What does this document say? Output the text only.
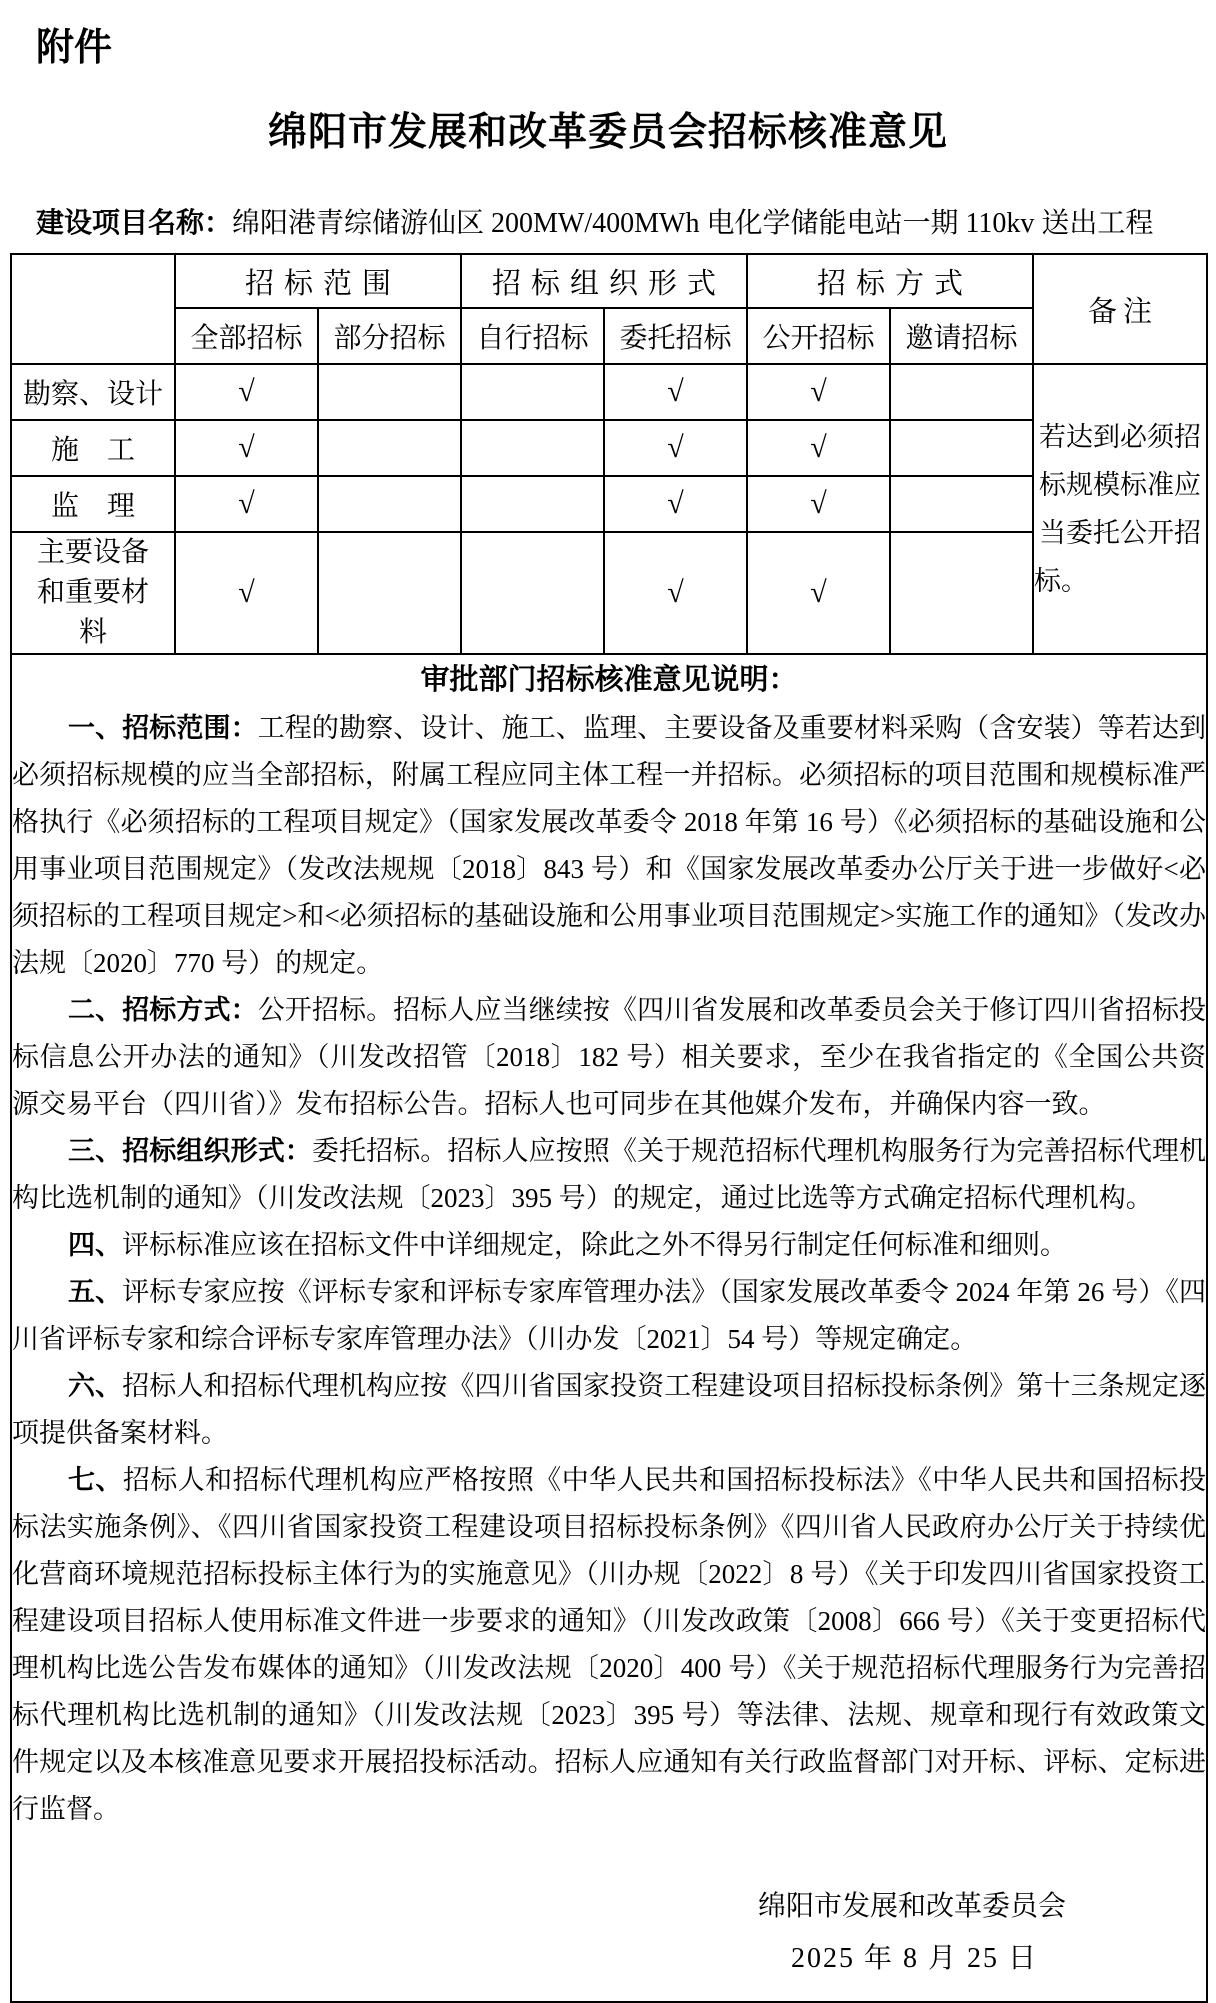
附件
绵阳市发展和改革委员会招标核准意见
建设项目名称：绵阳港青综储游仙区 200MW/400MWh 电化学储能电站一期 110kv 送出工程
	招标范围		招标组织形式		招标方式		备注
	全部招标	部分招标	自行招标	委托招标	公开招标	邀请招标	
勘察、设计	√			√	√		若达到必须招标规模标准应当委托公开招标。
施　工	√			√	√		
监　理	√			√	√		
主要设备和重要材料	√			√	√		

审批部门招标核准意见说明：

一、招标范围：工程的勘察、设计、施工、监理、主要设备及重要材料采购（含安装）等若达到必须招标规模的应当全部招标，附属工程应同主体工程一并招标。必须招标的项目范围和规模标准严格执行《必须招标的工程项目规定》（国家发展改革委令 2018 年第 16 号）《必须招标的基础设施和公用事业项目范围规定》（发改法规规〔2018〕843 号）和《国家发展改革委办公厅关于进一步做好<必须招标的工程项目规定>和<必须招标的基础设施和公用事业项目范围规定>实施工作的通知》（发改办法规〔2020〕770 号）的规定。

二、招标方式：公开招标。招标人应当继续按《四川省发展和改革委员会关于修订四川省招标投标信息公开办法的通知》（川发改招管〔2018〕182 号）相关要求，至少在我省指定的《全国公共资源交易平台（四川省）》发布招标公告。招标人也可同步在其他媒介发布，并确保内容一致。

三、招标组织形式：委托招标。招标人应按照《关于规范招标代理机构服务行为完善招标代理机构比选机制的通知》（川发改法规〔2023〕395 号）的规定，通过比选等方式确定招标代理机构。

四、评标标准应该在招标文件中详细规定，除此之外不得另行制定任何标准和细则。

五、评标专家应按《评标专家和评标专家库管理办法》（国家发展改革委令 2024 年第 26 号）《四川省评标专家和综合评标专家库管理办法》（川办发〔2021〕54 号）等规定确定。

六、招标人和招标代理机构应按《四川省国家投资工程建设项目招标投标条例》第十三条规定逐项提供备案材料。

七、招标人和招标代理机构应严格按照《中华人民共和国招标投标法》《中华人民共和国招标投标法实施条例》、《四川省国家投资工程建设项目招标投标条例》《四川省人民政府办公厅关于持续优化营商环境规范招标投标主体行为的实施意见》（川办规〔2022〕8 号）《关于印发四川省国家投资工程建设项目招标人使用标准文件进一步要求的通知》（川发改政策〔2008〕666 号）《关于变更招标代理机构比选公告发布媒体的通知》（川发改法规〔2020〕400 号）《关于规范招标代理服务行为完善招标代理机构比选机制的通知》（川发改法规〔2023〕395 号）等法律、法规、规章和现行有效政策文件规定以及本核准意见要求开展招投标活动。招标人应通知有关行政监督部门对开标、评标、定标进行监督。

绵阳市发展和改革委员会
2025 年 8 月 25 日
